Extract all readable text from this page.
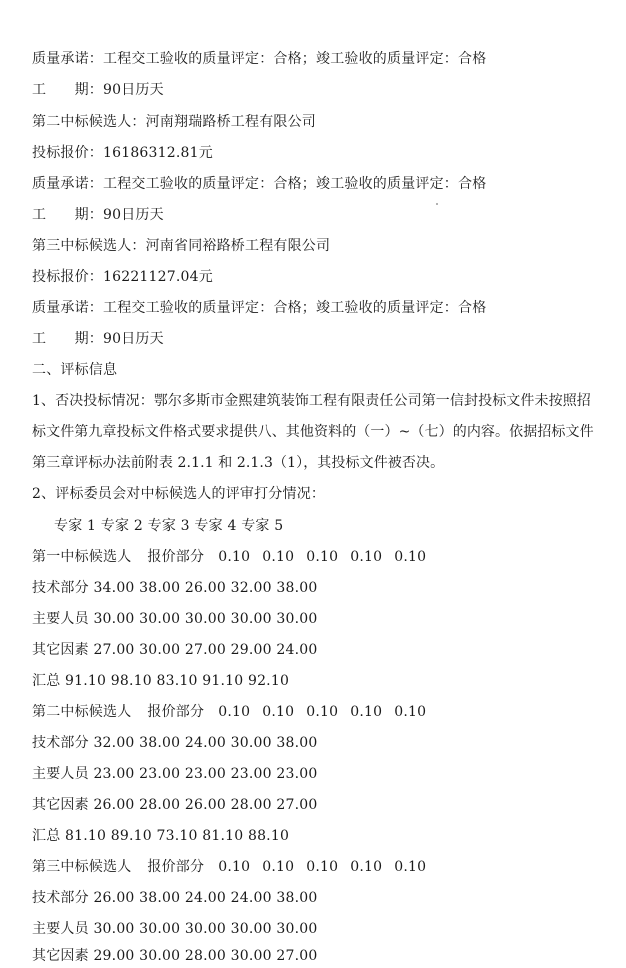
质量承诺：工程交工验收的质量评定：合格；竣工验收的质量评定：合格
工　　期：90日历天
第二中标候选人：河南翔瑞路桥工程有限公司
投标报价：16186312.81元
质量承诺：工程交工验收的质量评定：合格；竣工验收的质量评定：合格
工　　期：90日历天
第三中标候选人：河南省同裕路桥工程有限公司
投标报价：16221127.04元
质量承诺：工程交工验收的质量评定：合格；竣工验收的质量评定：合格
工　　期：90日历天
二、评标信息
1、否决投标情况：鄂尔多斯市金熙建筑装饰工程有限责任公司第一信封投标文件未按照招
标文件第九章投标文件格式要求提供八、其他资料的（一）~（七）的内容。依据招标文件
第三章评标办法前附表 2.1.1 和 2.1.3（1），其投标文件被否决。
2、评标委员会对中标候选人的评审打分情况：
专家 1 专家 2 专家 3 专家 4 专家 5
第一中标候选人 报价部分 0.10 0.10 0.10 0.10 0.10
技术部分 34.00 38.00 26.00 32.00 38.00
主要人员 30.00 30.00 30.00 30.00 30.00
其它因素 27.00 30.00 27.00 29.00 24.00
汇总 91.10 98.10 83.10 91.10 92.10
第二中标候选人 报价部分 0.10 0.10 0.10 0.10 0.10
技术部分 32.00 38.00 24.00 30.00 38.00
主要人员 23.00 23.00 23.00 23.00 23.00
其它因素 26.00 28.00 26.00 28.00 27.00
汇总 81.10 89.10 73.10 81.10 88.10
第三中标候选人 报价部分 0.10 0.10 0.10 0.10 0.10
技术部分 26.00 38.00 24.00 24.00 38.00
主要人员 30.00 30.00 30.00 30.00 30.00
其它因素 29.00 30.00 28.00 30.00 27.00
